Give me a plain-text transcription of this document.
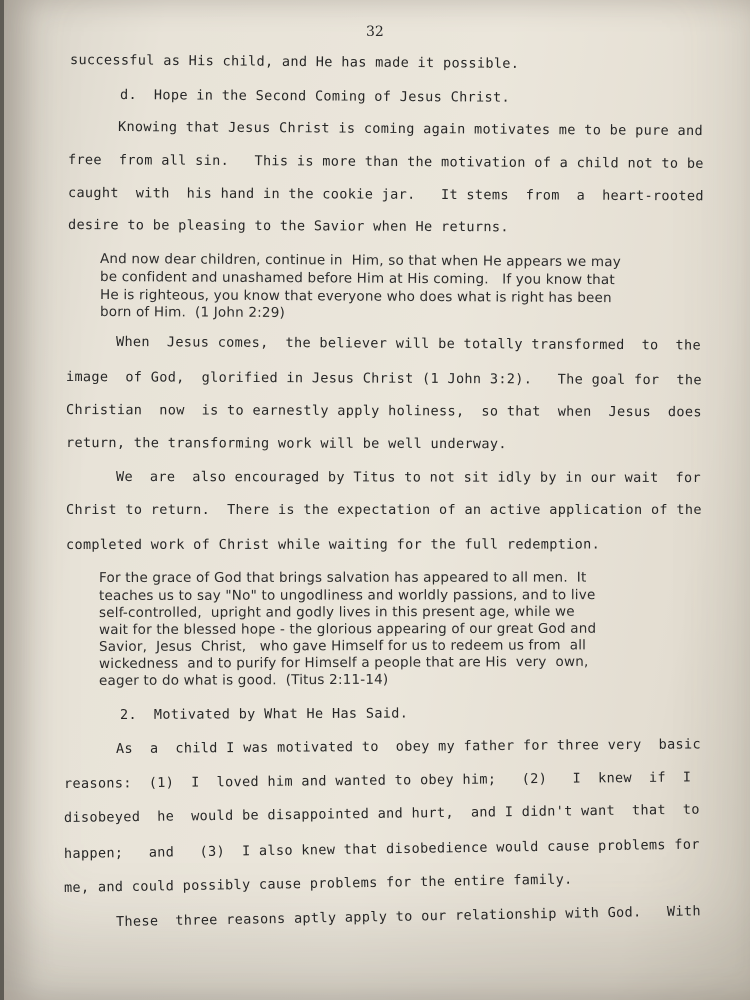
32
successful as His child, and He has made it possible.
d.  Hope in the Second Coming of Jesus Christ.
Knowing that Jesus Christ is coming again motivates me to be pure and
free  from all sin.   This is more than the motivation of a child not to be
caught  with  his hand in the cookie jar.   It stems  from  a  heart-rooted
desire to be pleasing to the Savior when He returns.
And now dear children, continue in  Him, so that when He appears we may
be confident and unashamed before Him at His coming.   If you know that
He is righteous, you know that everyone who does what is right has been
born of Him.  (1 John 2:29)
When  Jesus comes,  the believer will be totally transformed  to  the
image  of God,  glorified in Jesus Christ (1 John 3:2).   The goal for  the
Christian  now  is to earnestly apply holiness,  so that  when  Jesus  does
return, the transforming work will be well underway.
We  are  also encouraged by Titus to not sit idly by in our wait  for
Christ to return.  There is the expectation of an active application of the
completed work of Christ while waiting for the full redemption.
For the grace of God that brings salvation has appeared to all men.  It
teaches us to say "No" to ungodliness and worldly passions, and to live
self-controlled,  upright and godly lives in this present age, while we
wait for the blessed hope - the glorious appearing of our great God and
Savior,  Jesus  Christ,   who gave Himself for us to redeem us from  all
wickedness  and to purify for Himself a people that are His  very  own,
eager to do what is good.  (Titus 2:11-14)
2.  Motivated by What He Has Said.
As  a  child I was motivated to  obey my father for three very  basic
reasons:  (1)  I  loved him and wanted to obey him;   (2)   I  knew  if  I
disobeyed  he  would be disappointed and hurt,  and I didn't want  that  to
happen;   and   (3)  I also knew that disobedience would cause problems for
me, and could possibly cause problems for the entire family.
These  three reasons aptly apply to our relationship with God.   With
